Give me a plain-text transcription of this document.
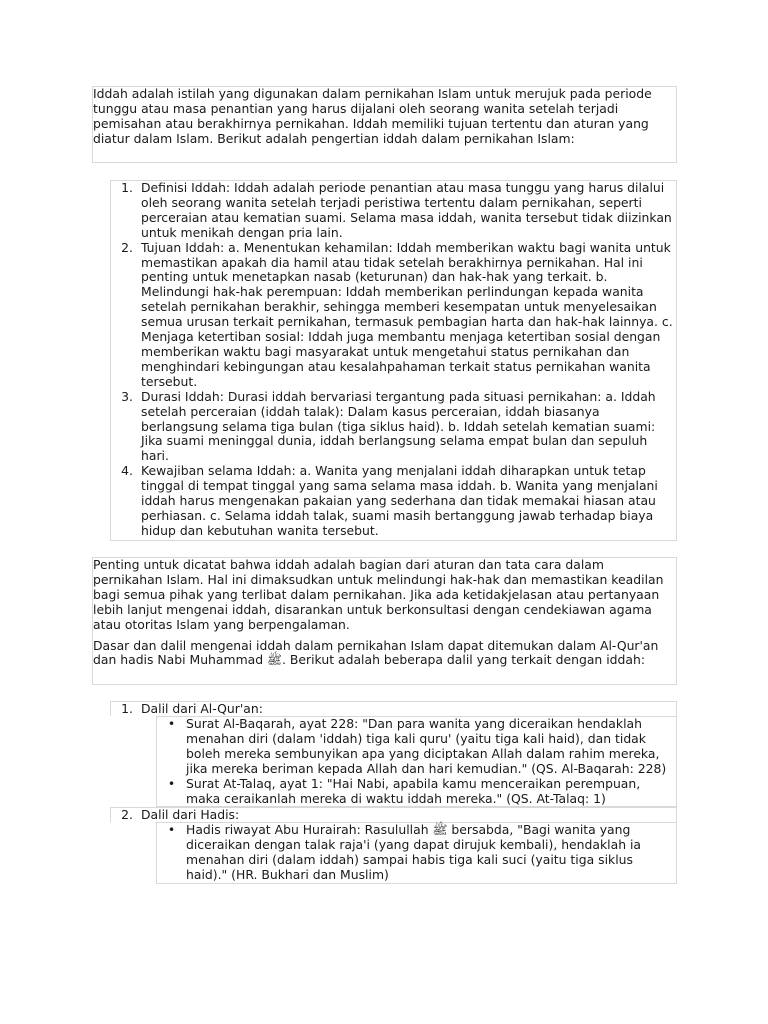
Iddah adalah istilah yang digunakan dalam pernikahan Islam untuk merujuk pada periode tunggu atau masa penantian yang harus dijalani oleh seorang wanita setelah terjadi pemisahan atau berakhirnya pernikahan. Iddah memiliki tujuan tertentu dan aturan yang diatur dalam Islam. Berikut adalah pengertian iddah dalam pernikahan Islam:

1. Definisi Iddah: Iddah adalah periode penantian atau masa tunggu yang harus dilalui oleh seorang wanita setelah terjadi peristiwa tertentu dalam pernikahan, seperti perceraian atau kematian suami. Selama masa iddah, wanita tersebut tidak diizinkan untuk menikah dengan pria lain.
2. Tujuan Iddah: a. Menentukan kehamilan: Iddah memberikan waktu bagi wanita untuk memastikan apakah dia hamil atau tidak setelah berakhirnya pernikahan. Hal ini penting untuk menetapkan nasab (keturunan) dan hak-hak yang terkait. b. Melindungi hak-hak perempuan: Iddah memberikan perlindungan kepada wanita setelah pernikahan berakhir, sehingga memberi kesempatan untuk menyelesaikan semua urusan terkait pernikahan, termasuk pembagian harta dan hak-hak lainnya. c. Menjaga ketertiban sosial: Iddah juga membantu menjaga ketertiban sosial dengan memberikan waktu bagi masyarakat untuk mengetahui status pernikahan dan menghindari kebingungan atau kesalahpahaman terkait status pernikahan wanita tersebut.
3. Durasi Iddah: Durasi iddah bervariasi tergantung pada situasi pernikahan: a. Iddah setelah perceraian (iddah talak): Dalam kasus perceraian, iddah biasanya berlangsung selama tiga bulan (tiga siklus haid). b. Iddah setelah kematian suami: Jika suami meninggal dunia, iddah berlangsung selama empat bulan dan sepuluh hari.
4. Kewajiban selama Iddah: a. Wanita yang menjalani iddah diharapkan untuk tetap tinggal di tempat tinggal yang sama selama masa iddah. b. Wanita yang menjalani iddah harus mengenakan pakaian yang sederhana dan tidak memakai hiasan atau perhiasan. c. Selama iddah talak, suami masih bertanggung jawab terhadap biaya hidup dan kebutuhan wanita tersebut.

Penting untuk dicatat bahwa iddah adalah bagian dari aturan dan tata cara dalam pernikahan Islam. Hal ini dimaksudkan untuk melindungi hak-hak dan memastikan keadilan bagi semua pihak yang terlibat dalam pernikahan. Jika ada ketidakjelasan atau pertanyaan lebih lanjut mengenai iddah, disarankan untuk berkonsultasi dengan cendekiawan agama atau otoritas Islam yang berpengalaman.

Dasar dan dalil mengenai iddah dalam pernikahan Islam dapat ditemukan dalam Al-Qur'an dan hadis Nabi Muhammad ﷺ. Berikut adalah beberapa dalil yang terkait dengan iddah:

1. Dalil dari Al-Qur'an:
• Surat Al-Baqarah, ayat 228: "Dan para wanita yang diceraikan hendaklah menahan diri (dalam 'iddah) tiga kali quru' (yaitu tiga kali haid), dan tidak boleh mereka sembunyikan apa yang diciptakan Allah dalam rahim mereka, jika mereka beriman kepada Allah dan hari kemudian." (QS. Al-Baqarah: 228)
• Surat At-Talaq, ayat 1: "Hai Nabi, apabila kamu menceraikan perempuan, maka ceraikanlah mereka di waktu iddah mereka." (QS. At-Talaq: 1)
2. Dalil dari Hadis:
• Hadis riwayat Abu Hurairah: Rasulullah ﷺ bersabda, "Bagi wanita yang diceraikan dengan talak raja'i (yang dapat dirujuk kembali), hendaklah ia menahan diri (dalam iddah) sampai habis tiga kali suci (yaitu tiga siklus haid)." (HR. Bukhari dan Muslim)
